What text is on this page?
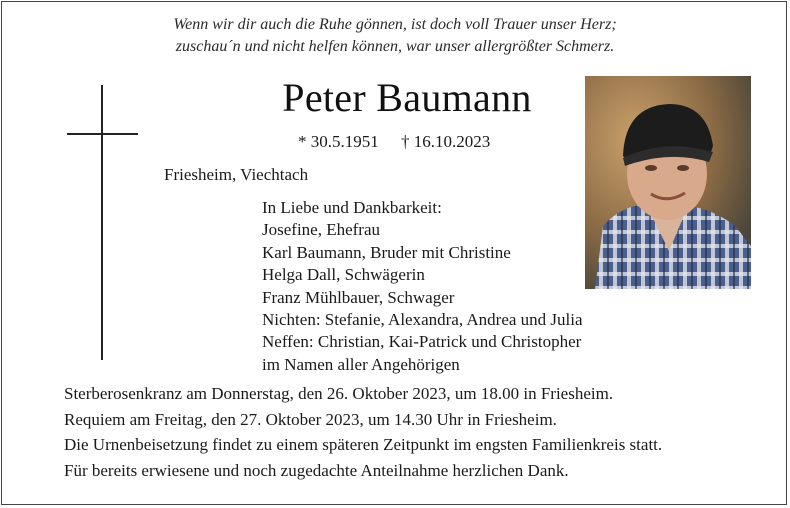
Wenn wir dir auch die Ruhe gönnen, ist doch voll Trauer unser Herz;
zuschau´n und nicht helfen können, war unser allergrößter Schmerz.
Peter Baumann
* 30.5.1951 † 16.10.2023
Friesheim, Viechtach
In Liebe und Dankbarkeit:
Josefine, Ehefrau
Karl Baumann, Bruder mit Christine
Helga Dall, Schwägerin
Franz Mühlbauer, Schwager
Nichten: Stefanie, Alexandra, Andrea und Julia
Neffen: Christian, Kai-Patrick und Christopher
im Namen aller Angehörigen
Sterberosenkranz am Donnerstag, den 26. Oktober 2023, um 18.00 in Friesheim.
Requiem am Freitag, den 27. Oktober 2023, um 14.30 Uhr in Friesheim.
Die Urnenbeisetzung findet zu einem späteren Zeitpunkt im engsten Familienkreis statt.
Für bereits erwiesene und noch zugedachte Anteilnahme herzlichen Dank.
